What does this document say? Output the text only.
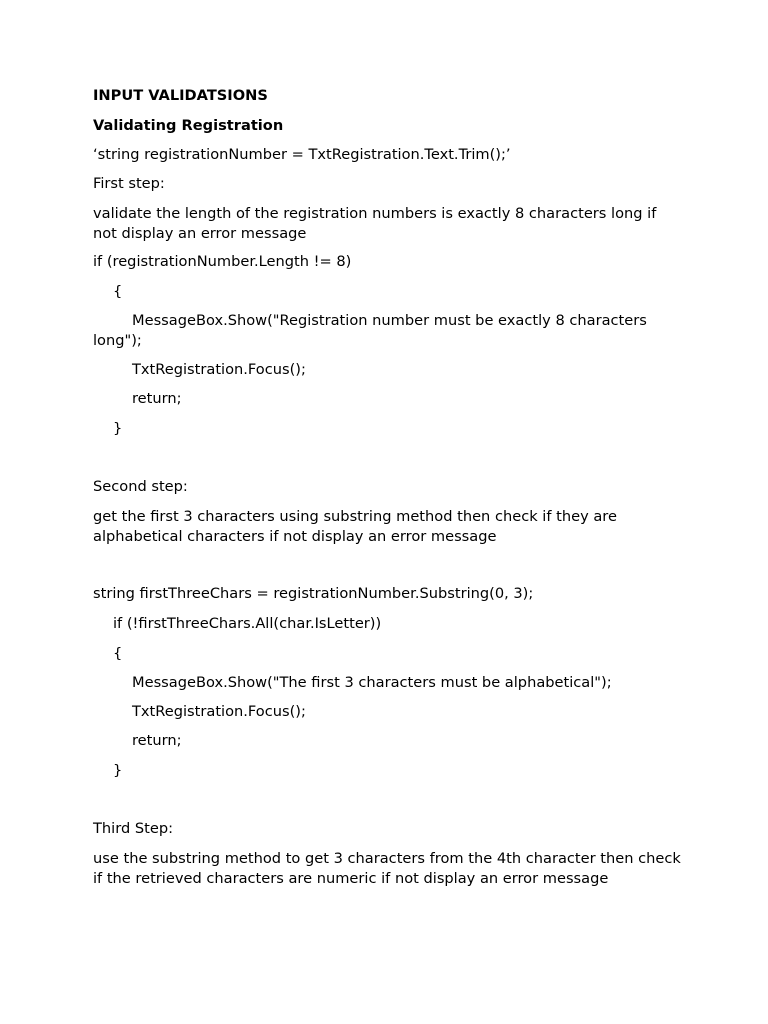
INPUT VALIDATSIONS

Validating Registration

‘string registrationNumber = TxtRegistration.Text.Trim();’

First step:

validate the length of the registration numbers is exactly 8 characters long if not display an error message

if (registrationNumber.Length != 8)

{

MessageBox.Show("Registration number must be exactly 8 characters long");

TxtRegistration.Focus();

return;

}

Second step:

get the first 3 characters using substring method then check if they are alphabetical characters if not display an error message

string firstThreeChars = registrationNumber.Substring(0, 3);

if (!firstThreeChars.All(char.IsLetter))

{

MessageBox.Show("The first 3 characters must be alphabetical");

TxtRegistration.Focus();

return;

}

Third Step:

use the substring method to get 3 characters from the 4th character then check if the retrieved characters are numeric if not display an error message
